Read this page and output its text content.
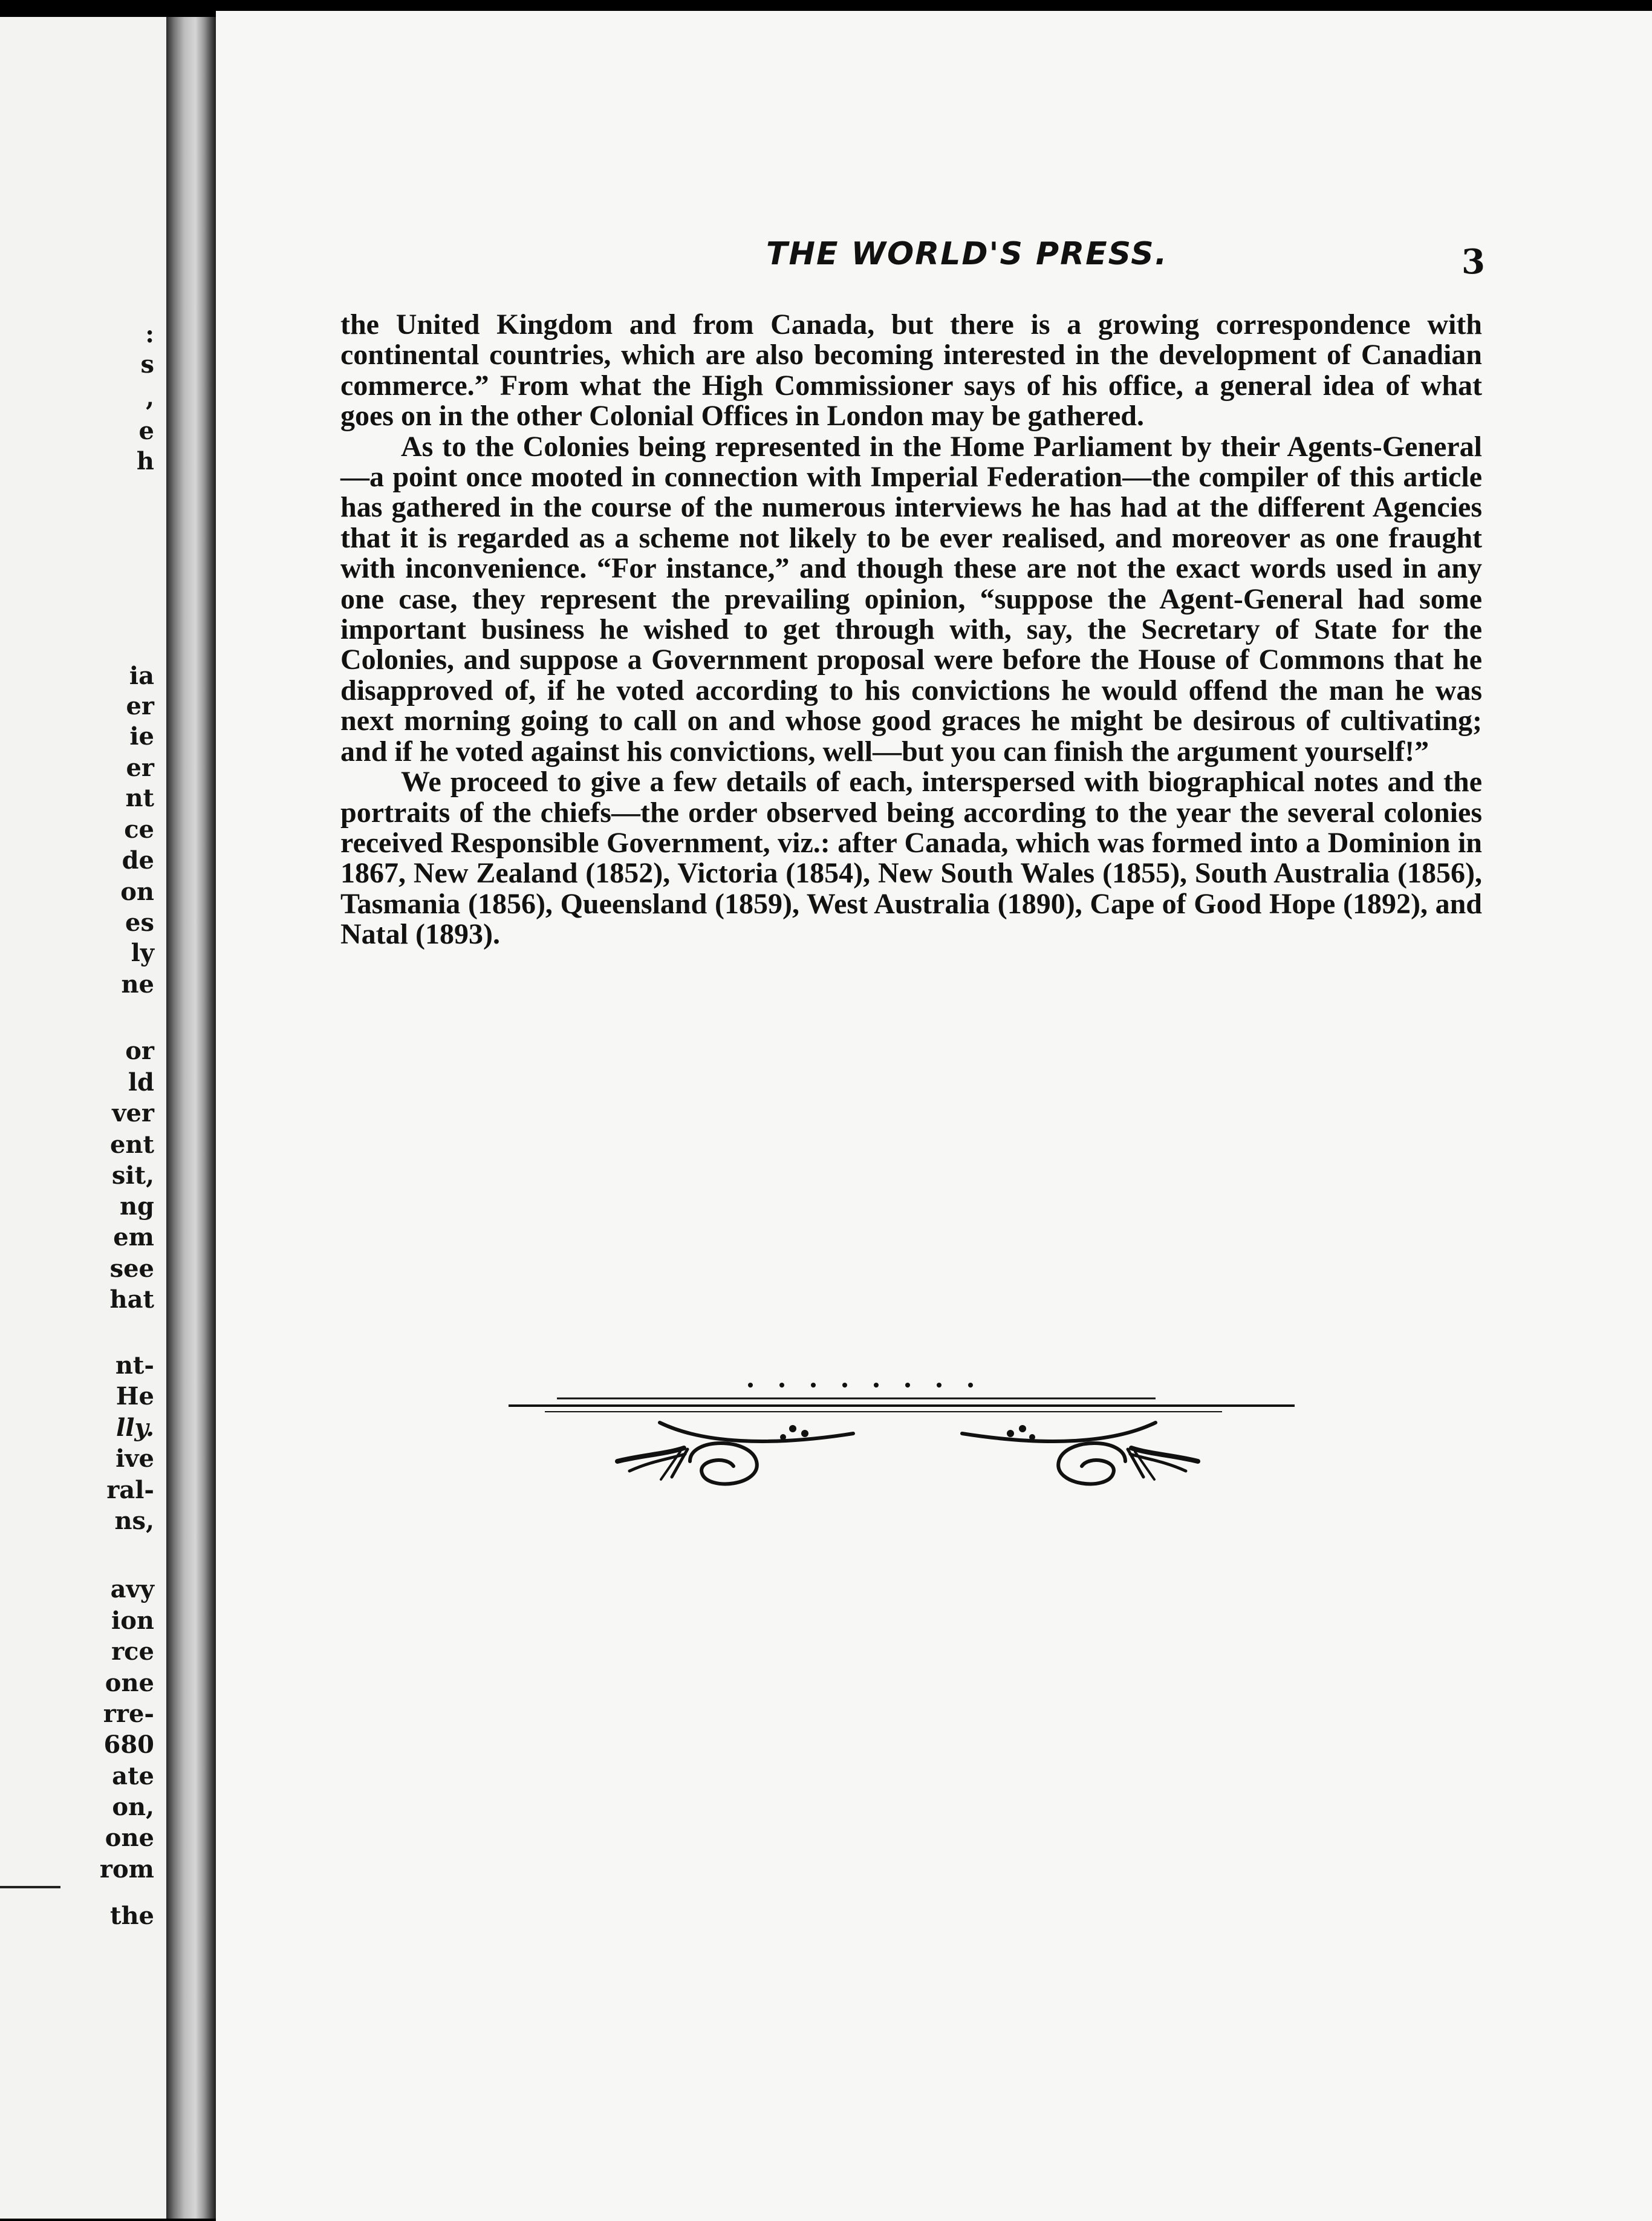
:
s
,
e
h
ia
er
ie
er
nt
ce
de
on
es
ly
ne
or
ld
ver
ent
sit,
ng
em
see
hat
nt-
He
lly.
ive
ral-
ns,
avy
ion
rce
one
rre-
680
ate
on,
one
rom
the
THE WORLD'S PRESS.	3

the United Kingdom and from Canada, but there is a growing correspondence with continental countries, which are also becoming interested in the development of Canadian commerce.” From what the High Commissioner says of his office, a general idea of what goes on in the other Colonial Offices in London may be gathered.

As to the Colonies being represented in the Home Parliament by their Agents-General—a point once mooted in connection with Imperial Federation—the compiler of this article has gathered in the course of the numerous interviews he has had at the different Agencies that it is regarded as a scheme not likely to be ever realised, and moreover as one fraught with inconvenience. “For instance,” and though these are not the exact words used in any one case, they represent the prevailing opinion, “suppose the Agent-General had some important business he wished to get through with, say, the Secretary of State for the Colonies, and suppose a Government proposal were before the House of Commons that he disapproved of, if he voted according to his convictions he would offend the man he was next morning going to call on and whose good graces he might be desirous of cultivating; and if he voted against his convictions, well—but you can finish the argument yourself!”

We proceed to give a few details of each, interspersed with biographical notes and the portraits of the chiefs—the order observed being according to the year the several colonies received Responsible Government, viz.: after Canada, which was formed into a Dominion in 1867, New Zealand (1852), Victoria (1854), New South Wales (1855), South Australia (1856), Tasmania (1856), Queensland (1859), West Australia (1890), Cape of Good Hope (1892), and Natal (1893).
